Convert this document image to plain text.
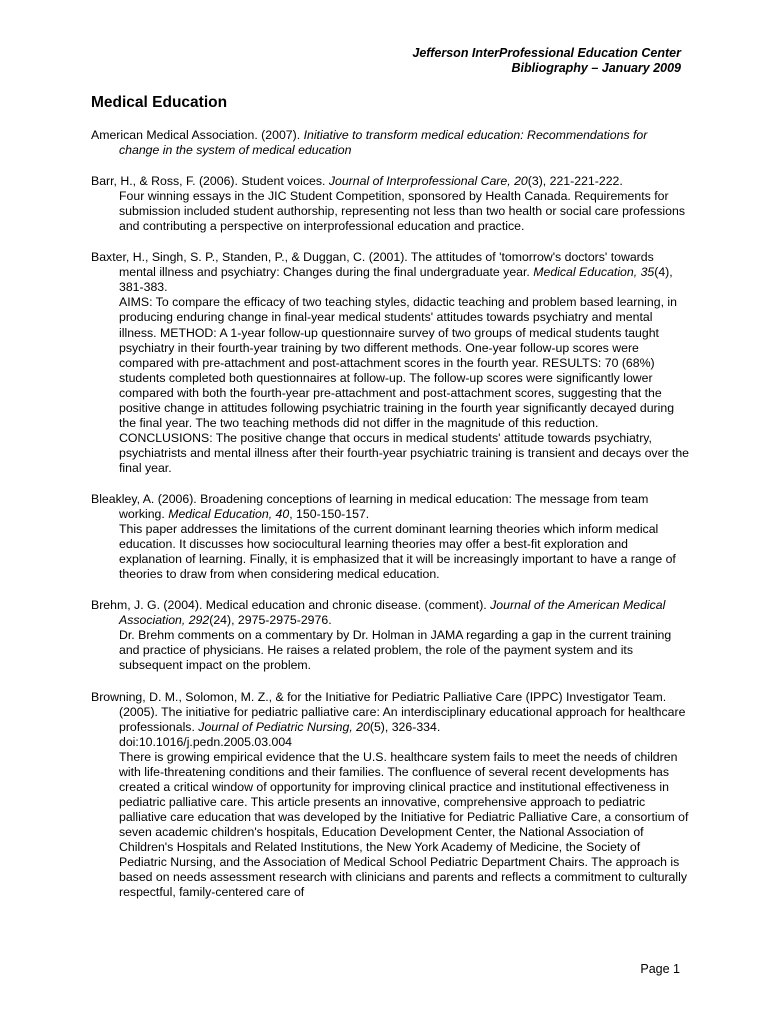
Jefferson InterProfessional Education Center
Bibliography – January 2009
Medical Education

American Medical Association. (2007). Initiative to transform medical education: Recommendations for change in the system of medical education

Barr, H., & Ross, F. (2006). Student voices. Journal of Interprofessional Care, 20(3), 221-221-222.
Four winning essays in the JIC Student Competition, sponsored by Health Canada. Requirements for submission included student authorship, representing not less than two health or social care professions and contributing a perspective on interprofessional education and practice.

Baxter, H., Singh, S. P., Standen, P., & Duggan, C. (2001). The attitudes of 'tomorrow's doctors' towards mental illness and psychiatry: Changes during the final undergraduate year. Medical Education, 35(4), 381-383.
AIMS: To compare the efficacy of two teaching styles, didactic teaching and problem based learning, in producing enduring change in final-year medical students' attitudes towards psychiatry and mental illness. METHOD: A 1-year follow-up questionnaire survey of two groups of medical students taught psychiatry in their fourth-year training by two different methods. One-year follow-up scores were compared with pre-attachment and post-attachment scores in the fourth year. RESULTS: 70 (68%) students completed both questionnaires at follow-up. The follow-up scores were significantly lower compared with both the fourth-year pre-attachment and post-attachment scores, suggesting that the positive change in attitudes following psychiatric training in the fourth year significantly decayed during the final year. The two teaching methods did not differ in the magnitude of this reduction. CONCLUSIONS: The positive change that occurs in medical students' attitude towards psychiatry, psychiatrists and mental illness after their fourth-year psychiatric training is transient and decays over the final year.

Bleakley, A. (2006). Broadening conceptions of learning in medical education: The message from team working. Medical Education, 40, 150-150-157.
This paper addresses the limitations of the current dominant learning theories which inform medical education. It discusses how sociocultural learning theories may offer a best-fit exploration and explanation of learning. Finally, it is emphasized that it will be increasingly important to have a range of theories to draw from when considering medical education.

Brehm, J. G. (2004). Medical education and chronic disease. (comment). Journal of the American Medical Association, 292(24), 2975-2975-2976.
Dr. Brehm comments on a commentary by Dr. Holman in JAMA regarding a gap in the current training and practice of physicians. He raises a related problem, the role of the payment system and its subsequent impact on the problem.

Browning, D. M., Solomon, M. Z., & for the Initiative for Pediatric Palliative Care (IPPC) Investigator Team. (2005). The initiative for pediatric palliative care: An interdisciplinary educational approach for healthcare professionals. Journal of Pediatric Nursing, 20(5), 326-334.
doi:10.1016/j.pedn.2005.03.004
There is growing empirical evidence that the U.S. healthcare system fails to meet the needs of children with life-threatening conditions and their families. The confluence of several recent developments has created a critical window of opportunity for improving clinical practice and institutional effectiveness in pediatric palliative care. This article presents an innovative, comprehensive approach to pediatric palliative care education that was developed by the Initiative for Pediatric Palliative Care, a consortium of seven academic children's hospitals, Education Development Center, the National Association of Children's Hospitals and Related Institutions, the New York Academy of Medicine, the Society of Pediatric Nursing, and the Association of Medical School Pediatric Department Chairs. The approach is based on needs assessment research with clinicians and parents and reflects a commitment to culturally respectful, family-centered care of

Page 1
